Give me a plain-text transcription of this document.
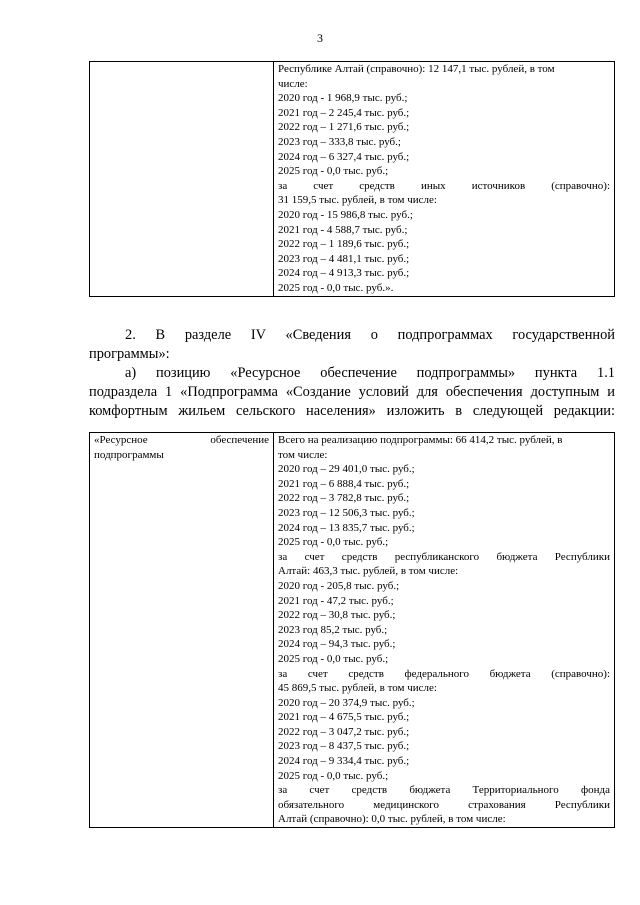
3

Республике Алтай (справочно): 12 147,1 тыс. рублей, в том
числе:
2020 год - 1 968,9 тыс. руб.;
2021 год – 2 245,4 тыс. руб.;
2022 год – 1 271,6 тыс. руб.;
2023 год – 333,8 тыс. руб.;
2024 год – 6 327,4 тыс. руб.;
2025 год - 0,0 тыс. руб.;
за счет средств иных источников (справочно):
31 159,5 тыс. рублей, в том числе:
2020 год - 15 986,8 тыс. руб.;
2021 год - 4 588,7 тыс. руб.;
2022 год – 1 189,6 тыс. руб.;
2023 год – 4 481,1 тыс. руб.;
2024 год – 4 913,3 тыс. руб.;
2025 год - 0,0 тыс. руб.».
2. В разделе IV «Сведения о подпрограммах государственной
программы»:
а) позицию «Ресурсное обеспечение подпрограммы» пункта 1.1
подраздела 1 «Подпрограмма «Создание условий для обеспечения доступным и
комфортным жильем сельского населения» изложить в следующей редакции:
«Ресурсное обеспечение
подпрограммы

Всего на реализацию подпрограммы: 66 414,2 тыс. рублей, в
том числе:
2020 год – 29 401,0 тыс. руб.;
2021 год – 6 888,4 тыс. руб.;
2022 год – 3 782,8 тыс. руб.;
2023 год – 12 506,3 тыс. руб.;
2024 год – 13 835,7 тыс. руб.;
2025 год - 0,0 тыс. руб.;
за счет средств республиканского бюджета Республики
Алтай: 463,3 тыс. рублей, в том числе:
2020 год - 205,8 тыс. руб.;
2021 год - 47,2 тыс. руб.;
2022 год – 30,8 тыс. руб.;
2023 год 85,2 тыс. руб.;
2024 год – 94,3 тыс. руб.;
2025 год - 0,0 тыс. руб.;
за счет средств федерального бюджета (справочно):
45 869,5 тыс. рублей, в том числе:
2020 год – 20 374,9 тыс. руб.;
2021 год – 4 675,5 тыс. руб.;
2022 год – 3 047,2 тыс. руб.;
2023 год – 8 437,5 тыс. руб.;
2024 год – 9 334,4 тыс. руб.;
2025 год - 0,0 тыс. руб.;
за счет средств бюджета Территориального фонда
обязательного медицинского страхования Республики
Алтай (справочно): 0,0 тыс. рублей, в том числе:
